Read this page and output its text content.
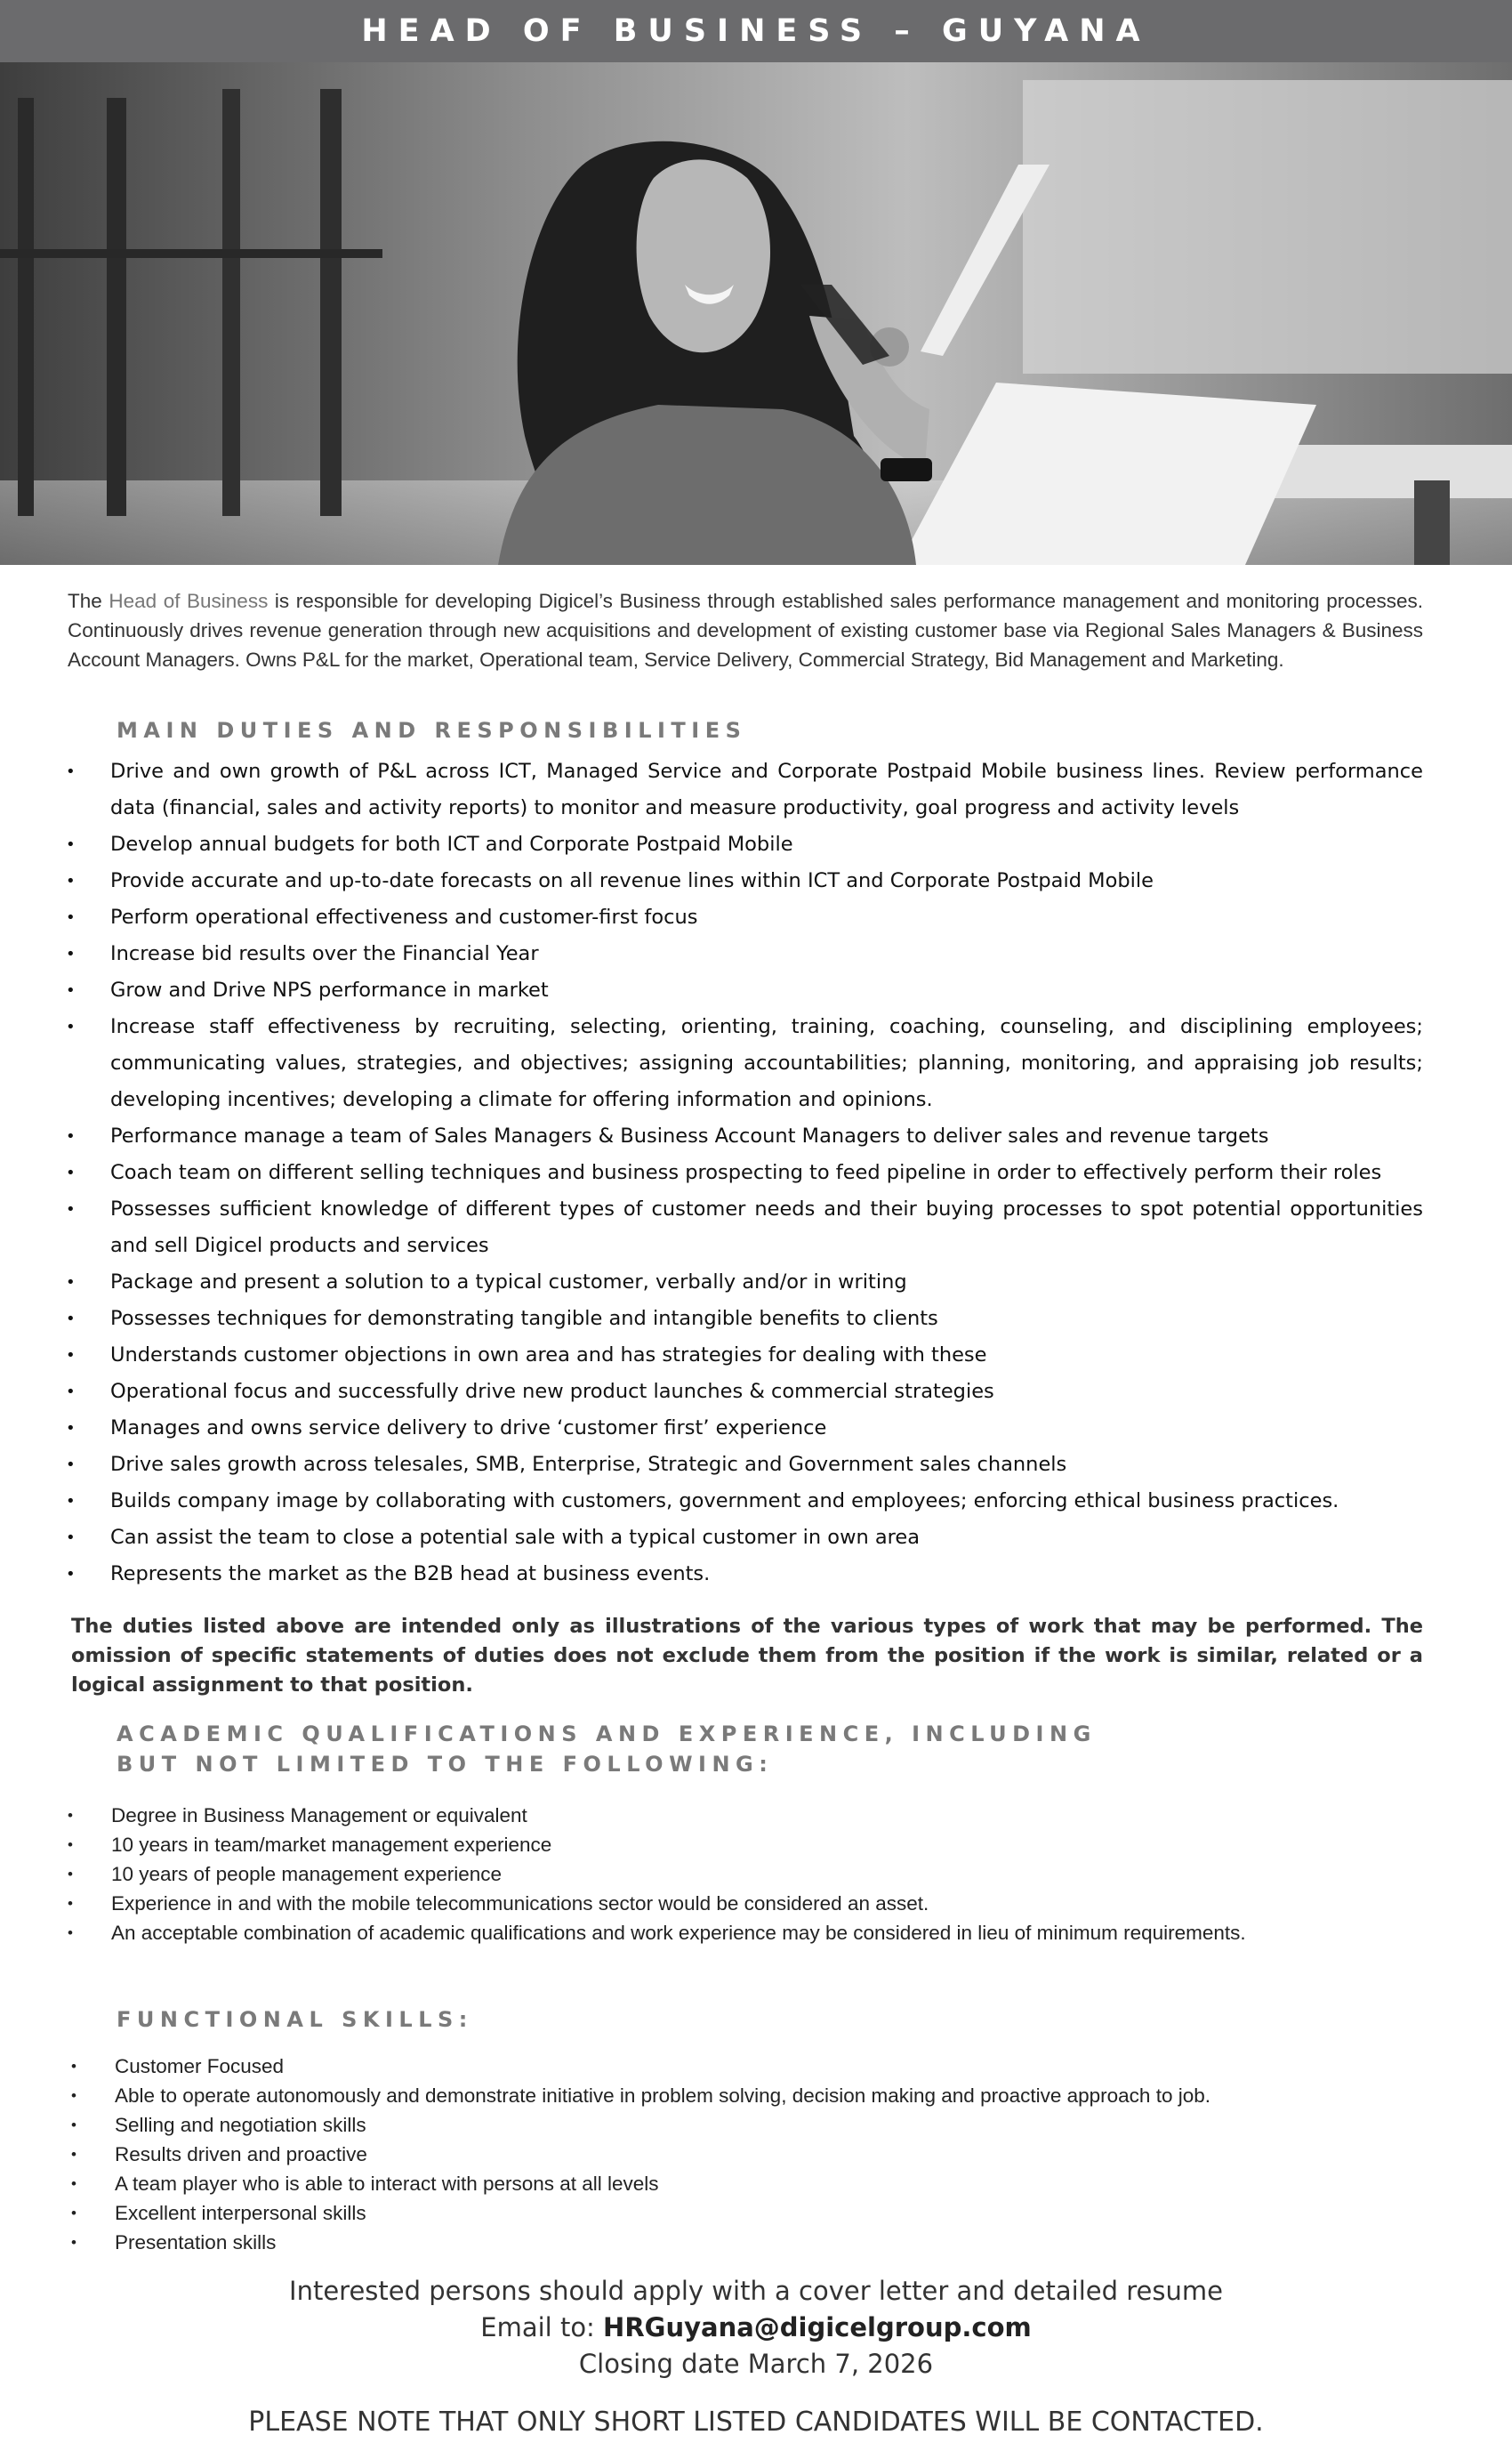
HEAD OF BUSINESS – GUYANA
The Head of Business is responsible for developing Digicel’s Business through established sales performance management and monitoring processes. Continuously drives revenue generation through new acquisitions and development of existing customer base via Regional Sales Managers & Business Account Managers. Owns P&L for the market, Operational team, Service Delivery, Commercial Strategy, Bid Management and Marketing.
MAIN DUTIES AND RESPONSIBILITIES
• Drive and own growth of P&L across ICT, Managed Service and Corporate Postpaid Mobile business lines. Review performance data (financial, sales and activity reports) to monitor and measure productivity, goal progress and activity levels
• Develop annual budgets for both ICT and Corporate Postpaid Mobile
• Provide accurate and up-to-date forecasts on all revenue lines within ICT and Corporate Postpaid Mobile
• Perform operational effectiveness and customer-first focus
• Increase bid results over the Financial Year
• Grow and Drive NPS performance in market
• Increase staff effectiveness by recruiting, selecting, orienting, training, coaching, counseling, and disciplining employees; communicating values, strategies, and objectives; assigning accountabilities; planning, monitoring, and appraising job results; developing incentives; developing a climate for offering information and opinions.
• Performance manage a team of Sales Managers & Business Account Managers to deliver sales and revenue targets
• Coach team on different selling techniques and business prospecting to feed pipeline in order to effectively perform their roles
• Possesses sufficient knowledge of different types of customer needs and their buying processes to spot potential opportunities and sell Digicel products and services
• Package and present a solution to a typical customer, verbally and/or in writing
• Possesses techniques for demonstrating tangible and intangible benefits to clients
• Understands customer objections in own area and has strategies for dealing with these
• Operational focus and successfully drive new product launches & commercial strategies
• Manages and owns service delivery to drive ‘customer first’ experience
• Drive sales growth across telesales, SMB, Enterprise, Strategic and Government sales channels
• Builds company image by collaborating with customers, government and employees; enforcing ethical business practices.
• Can assist the team to close a potential sale with a typical customer in own area
• Represents the market as the B2B head at business events.
The duties listed above are intended only as illustrations of the various types of work that may be performed. The omission of specific statements of duties does not exclude them from the position if the work is similar, related or a logical assignment to that position.
ACADEMIC QUALIFICATIONS AND EXPERIENCE, INCLUDING
BUT NOT LIMITED TO THE FOLLOWING:
• Degree in Business Management or equivalent
• 10 years in team/market management experience
• 10 years of people management experience
• Experience in and with the mobile telecommunications sector would be considered an asset.
• An acceptable combination of academic qualifications and work experience may be considered in lieu of minimum requirements.
FUNCTIONAL SKILLS:
• Customer Focused
• Able to operate autonomously and demonstrate initiative in problem solving, decision making and proactive approach to job.
• Selling and negotiation skills
• Results driven and proactive
• A team player who is able to interact with persons at all levels
• Excellent interpersonal skills
• Presentation skills
Interested persons should apply with a cover letter and detailed resume
Email to: HRGuyana@digicelgroup.com
Closing date March 7, 2026
PLEASE NOTE THAT ONLY SHORT LISTED CANDIDATES WILL BE CONTACTED.
